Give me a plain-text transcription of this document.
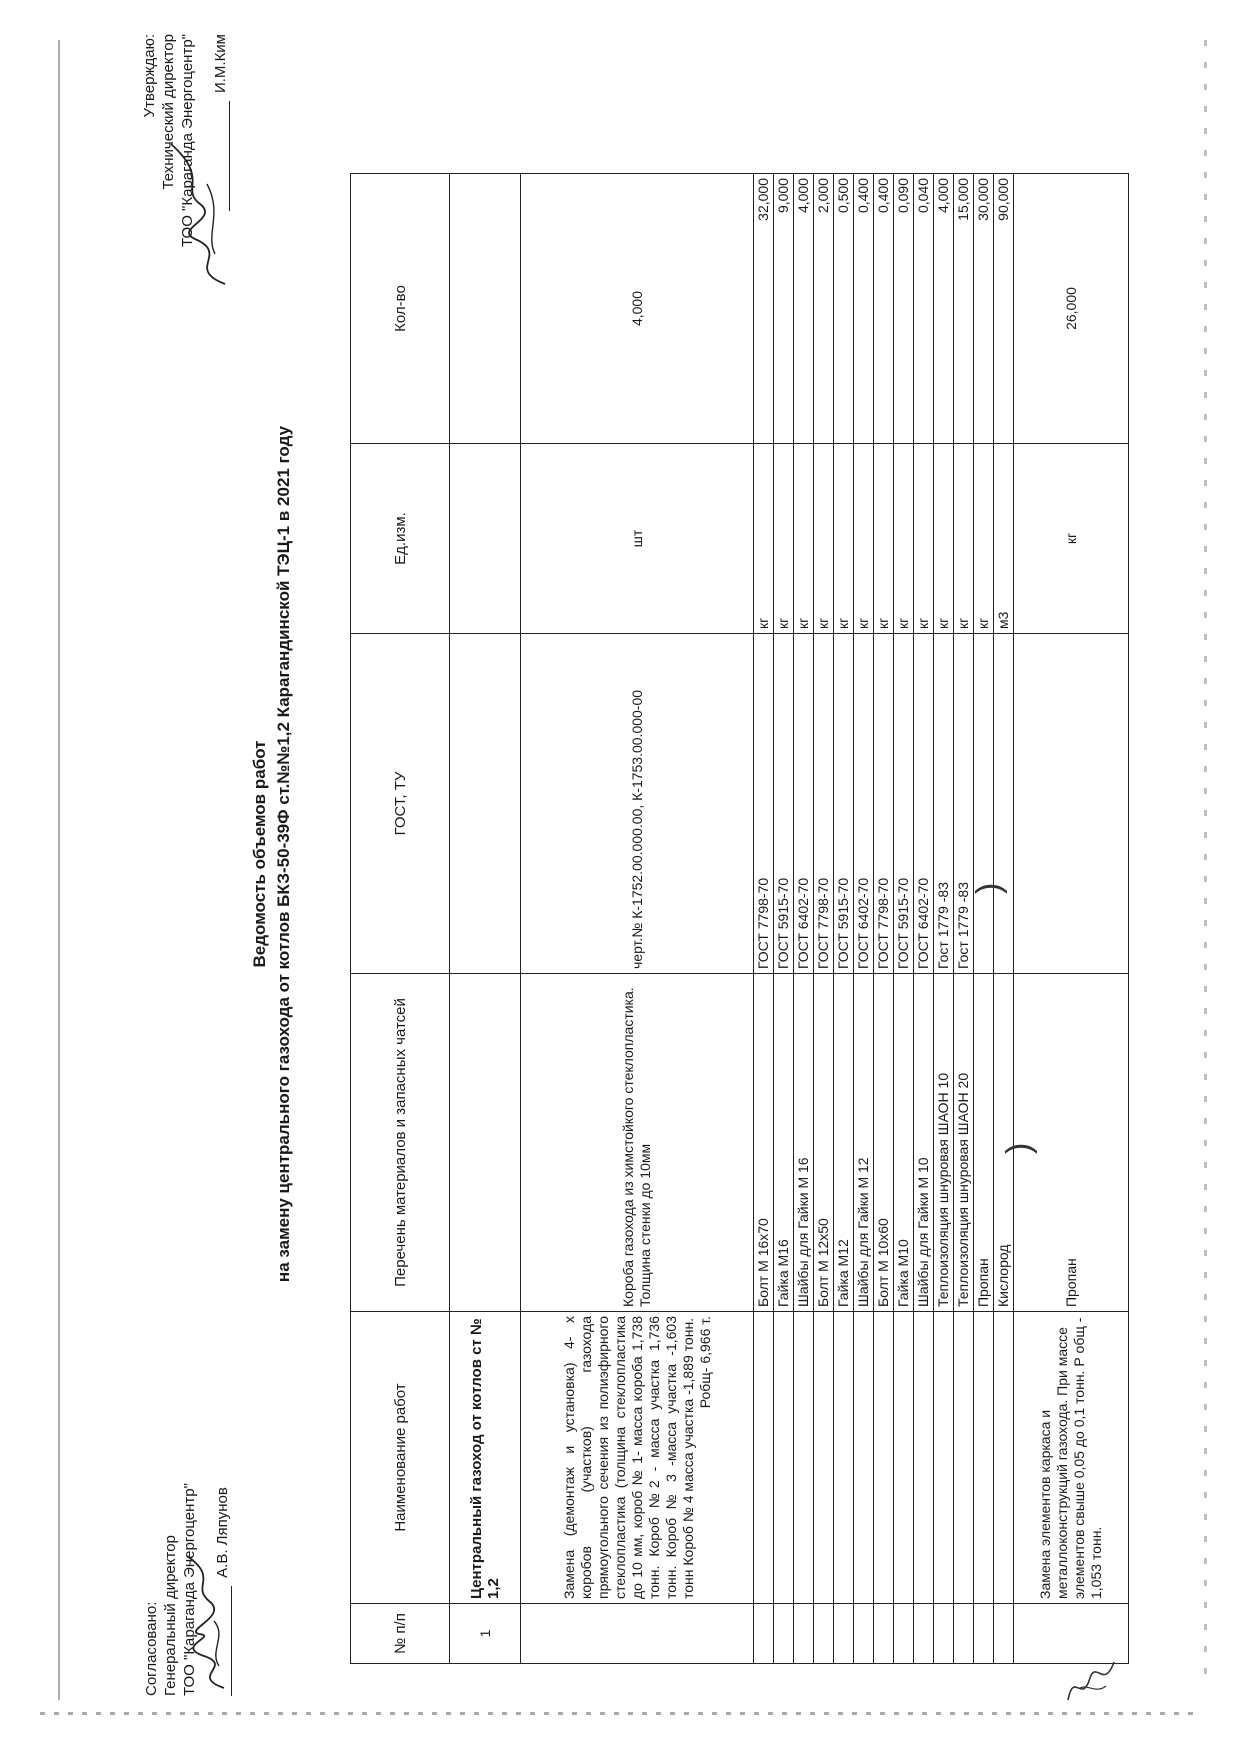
Согласовано: Генеральный директор ТОО "Караганда Энергоцентр" А.В. Ляпунов
Утверждаю: Технический директор ТОО "Караганда Энергоцентр" И.М.Ким
Ведомость объемов работ на замену центрального газохода от котлов БКЗ-50-39Ф ст.№№1,2 Карагандинской ТЭЦ-1 в 2021 году
№ п/п	Наименование работ	Перечень материалов и запасных чатсей	ГОСТ, ТУ	Ед.изм.	Кол-во
1	Центральный газоход от котлов ст № 1,2				
	Замена (демонтаж и установка) 4- х коробов (участков) газохода прямоугольного сечения из полиэфирного стеклопластика (толщина стеклопластика до 10 мм, короб № 1- масса короба 1,738 тонн. Короб №2 - масса участка 1,736 тонн. Короб № 3 -масса участка -1,603 тонн Короб № 4 масса участка -1,889 тонн. Робщ- 6,966 т.	Короба газохода из химстойкого стеклопластика. Толщина стенки до 10мм	черт.№ К-1752.00.000.00, К-1753.00.000-00	шт	4,000
		Болт М 16х70	ГОСТ 7798-70	кг	32,000
		Гайка М16	ГОСТ 5915-70	кг	9,000
		Шайбы для Гайки М 16	ГОСТ 6402-70	кг	4,000
		Болт М 12х50	ГОСТ 7798-70	кг	2,000
		Гайка М12	ГОСТ 5915-70	кг	0,500
		Шайбы для Гайки М 12	ГОСТ 6402-70	кг	0,400
		Болт М 10х60	ГОСТ 7798-70	кг	0,400
		Гайка М10	ГОСТ 5915-70	кг	0,090
		Шайбы для Гайки М 10	ГОСТ 6402-70	кг	0,040
		Теплоизоляция шнуровая ШАОН 10	Гост 1779 -83	кг	4,000
		Теплоизоляция шнуровая ШАОН 20	Гост 1779 -83	кг	15,000
		Пропан		кг	30,000
		Кислород		м3	90,000
	Замена элементов каркаса и металлоконструкций газохода. При массе элементов свыше 0,05 до 0,1 тонн. Р общ - 1,053 тонн.	Пропан		кг	26,000
)
)
